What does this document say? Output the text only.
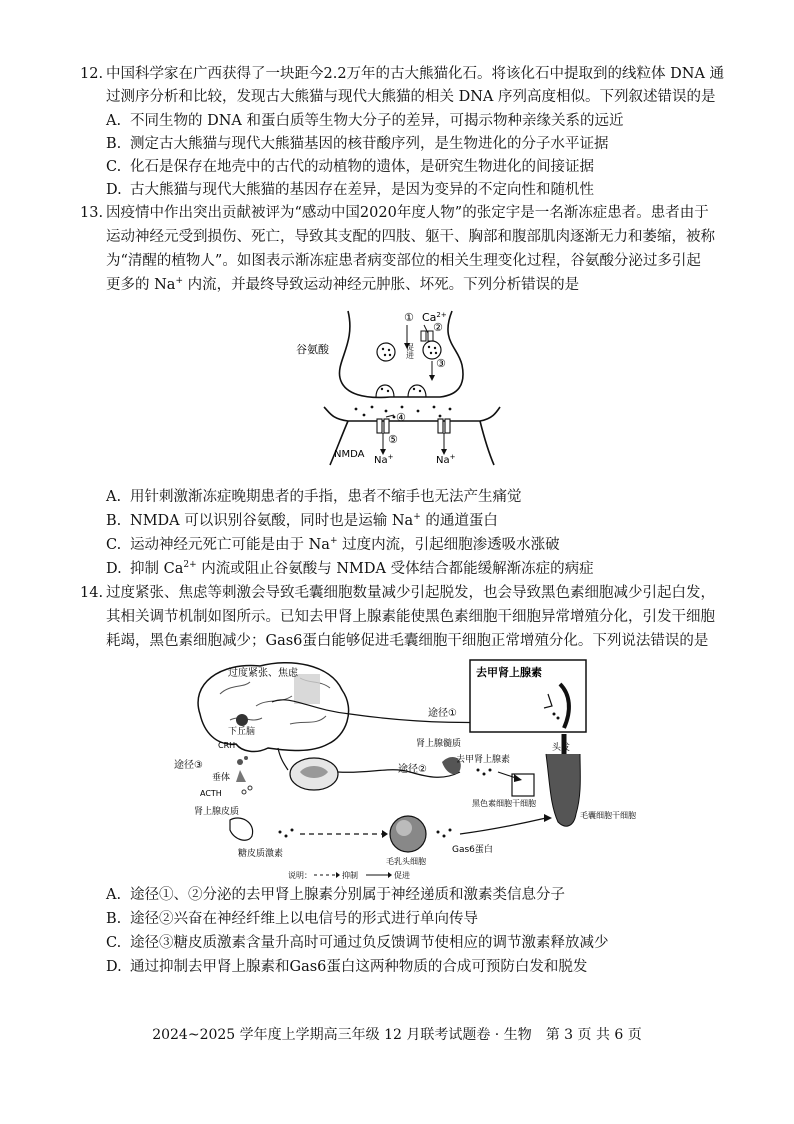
12. 中国科学家在广西获得了一块距今2.2万年的古大熊猫化石。将该化石中提取到的线粒体 DNA 通
过测序分析和比较，发现古大熊猫与现代大熊猫的相关 DNA 序列高度相似。下列叙述错误的是
A. 不同生物的 DNA 和蛋白质等生物大分子的差异，可揭示物种亲缘关系的远近
B. 测定古大熊猫与现代大熊猫基因的核苷酸序列，是生物进化的分子水平证据
C. 化石是保存在地壳中的古代的动植物的遗体，是研究生物进化的间接证据
D. 古大熊猫与现代大熊猫的基因存在差异，是因为变异的不定向性和随机性
13. 因疫情中作出突出贡献被评为“感动中国2020年度人物”的张定宇是一名渐冻症患者。患者由于
运动神经元受到损伤、死亡，导致其支配的四肢、躯干、胸部和腹部肌肉逐渐无力和萎缩，被称
为“清醒的植物人”。如图表示渐冻症患者病变部位的相关生理变化过程，谷氨酸分泌过多引起
更多的 Na+ 内流，并最终导致运动神经元肿胀、坏死。下列分析错误的是
谷氨酸
① $Ca^{2+}$
②
促进
③
④
⑤
NMDA
Na+	Na+
A. 用针刺激渐冻症晚期患者的手指，患者不缩手也无法产生痛觉
B. NMDA 可以识别谷氨酸，同时也是运输 Na+ 的通道蛋白
C. 运动神经元死亡可能是由于 Na+ 过度内流，引起细胞渗透吸水涨破
D. 抑制 $Ca^{2+}$ 内流或阻止谷氨酸与 NMDA 受体结合都能缓解渐冻症的病症
14. 过度紧张、焦虑等刺激会导致毛囊细胞数量减少引起脱发，也会导致黑色素细胞减少引起白发，
其相关调节机制如图所示。已知去甲肾上腺素能使黑色素细胞干细胞异常增殖分化，引发干细胞
耗竭，黑色素细胞减少；Gas6蛋白能够促进毛囊细胞干细胞正常增殖分化。下列说法错误的是
过度紧张、焦虑
下丘脑
CRH
途径③
垂体
ACTH
肾上腺皮质
糖皮质激素
途径①
肾上腺髓质
途径②
去甲肾上腺素
去甲肾上腺素
头发
黑色素细胞干细胞
毛囊细胞干细胞
毛乳头细胞
Gas6蛋白
说明：	抑制	促进
A. 途径①、②分泌的去甲肾上腺素分别属于神经递质和激素类信息分子
B. 途径②兴奋在神经纤维上以电信号的形式进行单向传导
C. 途径③糖皮质激素含量升高时可通过负反馈调节使相应的调节激素释放减少
D. 通过抑制去甲肾上腺素和Gas6蛋白这两种物质的合成可预防白发和脱发
2024~2025 学年度上学期高三年级 12 月联考试题卷 · 生物　第 3 页 共 6 页
